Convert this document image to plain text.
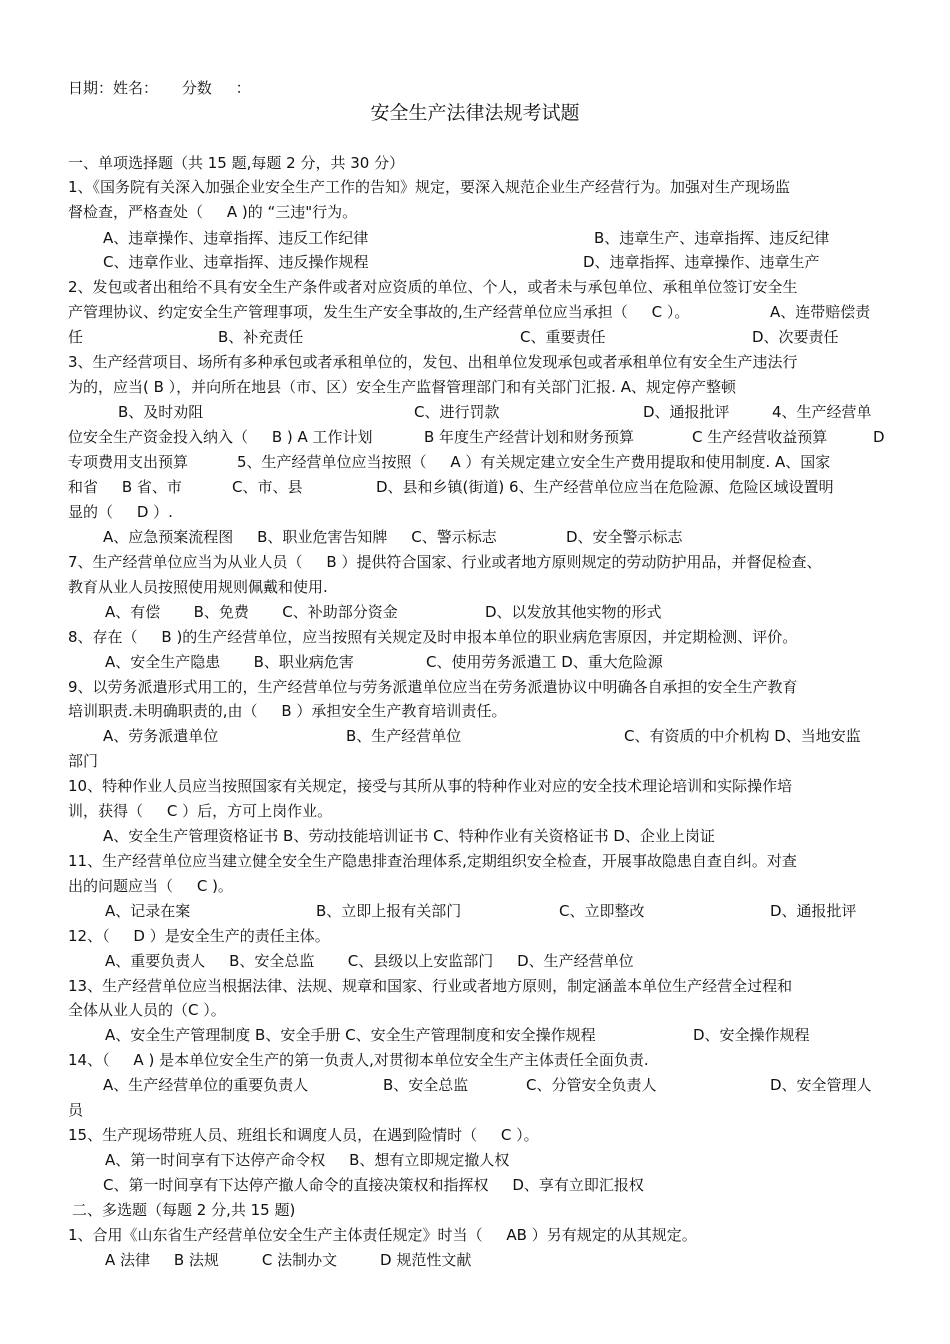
日期：姓名：     分数     ：

安全生产法律法规考试题

一、单项选择题（共 15 题,每题 2 分，共 30 分）

1、《国务院有关深入加强企业安全生产工作的告知》规定，要深入规范企业生产经营行为。加强对生产现场监

督检查，严格查处（     A )的 “三违"行为。

A、违章操作、违章指挥、违反工作纪律	B、违章生产、违章指挥、违反纪律

C、违章作业、违章指挥、违反操作规程	D、违章指挥、违章操作、违章生产

2、发包或者出租给不具有安全生产条件或者对应资质的单位、个人，或者未与承包单位、承租单位签订安全生

产管理协议、约定安全生产管理事项，发生生产安全事故的,生产经营单位应当承担（     C ）。	A、连带赔偿责

任	B、补充责任	C、重要责任	D、次要责任

3、生产经营项目、场所有多种承包或者承租单位的，发包、出租单位发现承包或者承租单位有安全生产违法行

为的，应当( B ），并向所在地县（市、区）安全生产监督管理部门和有关部门汇报. A、规定停产整顿

B、及时劝阻	C、进行罚款	D、通报批评	4、生产经营单

位安全生产资金投入纳入（     B ) A 工作计划	B 年度生产经营计划和财务预算	C 生产经营收益预算	D

专项费用支出预算	5、生产经营单位应当按照（     A ）有关规定建立安全生产费用提取和使用制度. A、国家

和省     B 省、市	C、市、县	D、县和乡镇(街道) 6、生产经营单位应当在危险源、危险区域设置明

显的（     D ）.

A、应急预案流程图     B、职业危害告知牌     C、警示标志	D、安全警示标志

7、生产经营单位应当为从业人员（     B ）提供符合国家、行业或者地方原则规定的劳动防护用品，并督促检查、

教育从业人员按照使用规则佩戴和使用.

A、有偿       B、免费       C、补助部分资金	D、以发放其他实物的形式

8、存在（     B )的生产经营单位，应当按照有关规定及时申报本单位的职业病危害原因，并定期检测、评价。

A、安全生产隐患       B、职业病危害	C、使用劳务派遣工 D、重大危险源

9、以劳务派遣形式用工的，生产经营单位与劳务派遣单位应当在劳务派遣协议中明确各自承担的安全生产教育

培训职责.未明确职责的,由（     B ）承担安全生产教育培训责任。

A、劳务派遣单位	B、生产经营单位	C、有资质的中介机构 D、当地安监

部门

10、特种作业人员应当按照国家有关规定，接受与其所从事的特种作业对应的安全技术理论培训和实际操作培

训，获得（     C ）后，方可上岗作业。

A、安全生产管理资格证书 B、劳动技能培训证书 C、特种作业有关资格证书 D、企业上岗证

11、生产经营单位应当建立健全安全生产隐患排查治理体系,定期组织安全检查，开展事故隐患自查自纠。对查

出的问题应当（     C )。

A、记录在案	B、立即上报有关部门	C、立即整改	D、通报批评

12、（     D ）是安全生产的责任主体。

A、重要负责人     B、安全总监       C、县级以上安监部门     D、生产经营单位

13、生产经营单位应当根据法律、法规、规章和国家、行业或者地方原则，制定涵盖本单位生产经营全过程和

全体从业人员的（C ）。

A、安全生产管理制度 B、安全手册 C、安全生产管理制度和安全操作规程	D、安全操作规程

14、（     A ) 是本单位安全生产的第一负责人,对贯彻本单位安全生产主体责任全面负责.

A、生产经营单位的重要负责人	B、安全总监	C、分管安全负责人	D、安全管理人

员

15、生产现场带班人员、班组长和调度人员，在遇到险情时（     C ）。

A、第一时间享有下达停产命令权     B、想有立即规定撤人权

C、第一时间享有下达停产撤人命令的直接决策权和指挥权     D、享有立即汇报权

二、多选题（每题 2 分,共 15 题)

1、合用《山东省生产经营单位安全生产主体责任规定》时当（     AB ）另有规定的从其规定。

A 法律     B 法规         C 法制办文         D 规范性文献
